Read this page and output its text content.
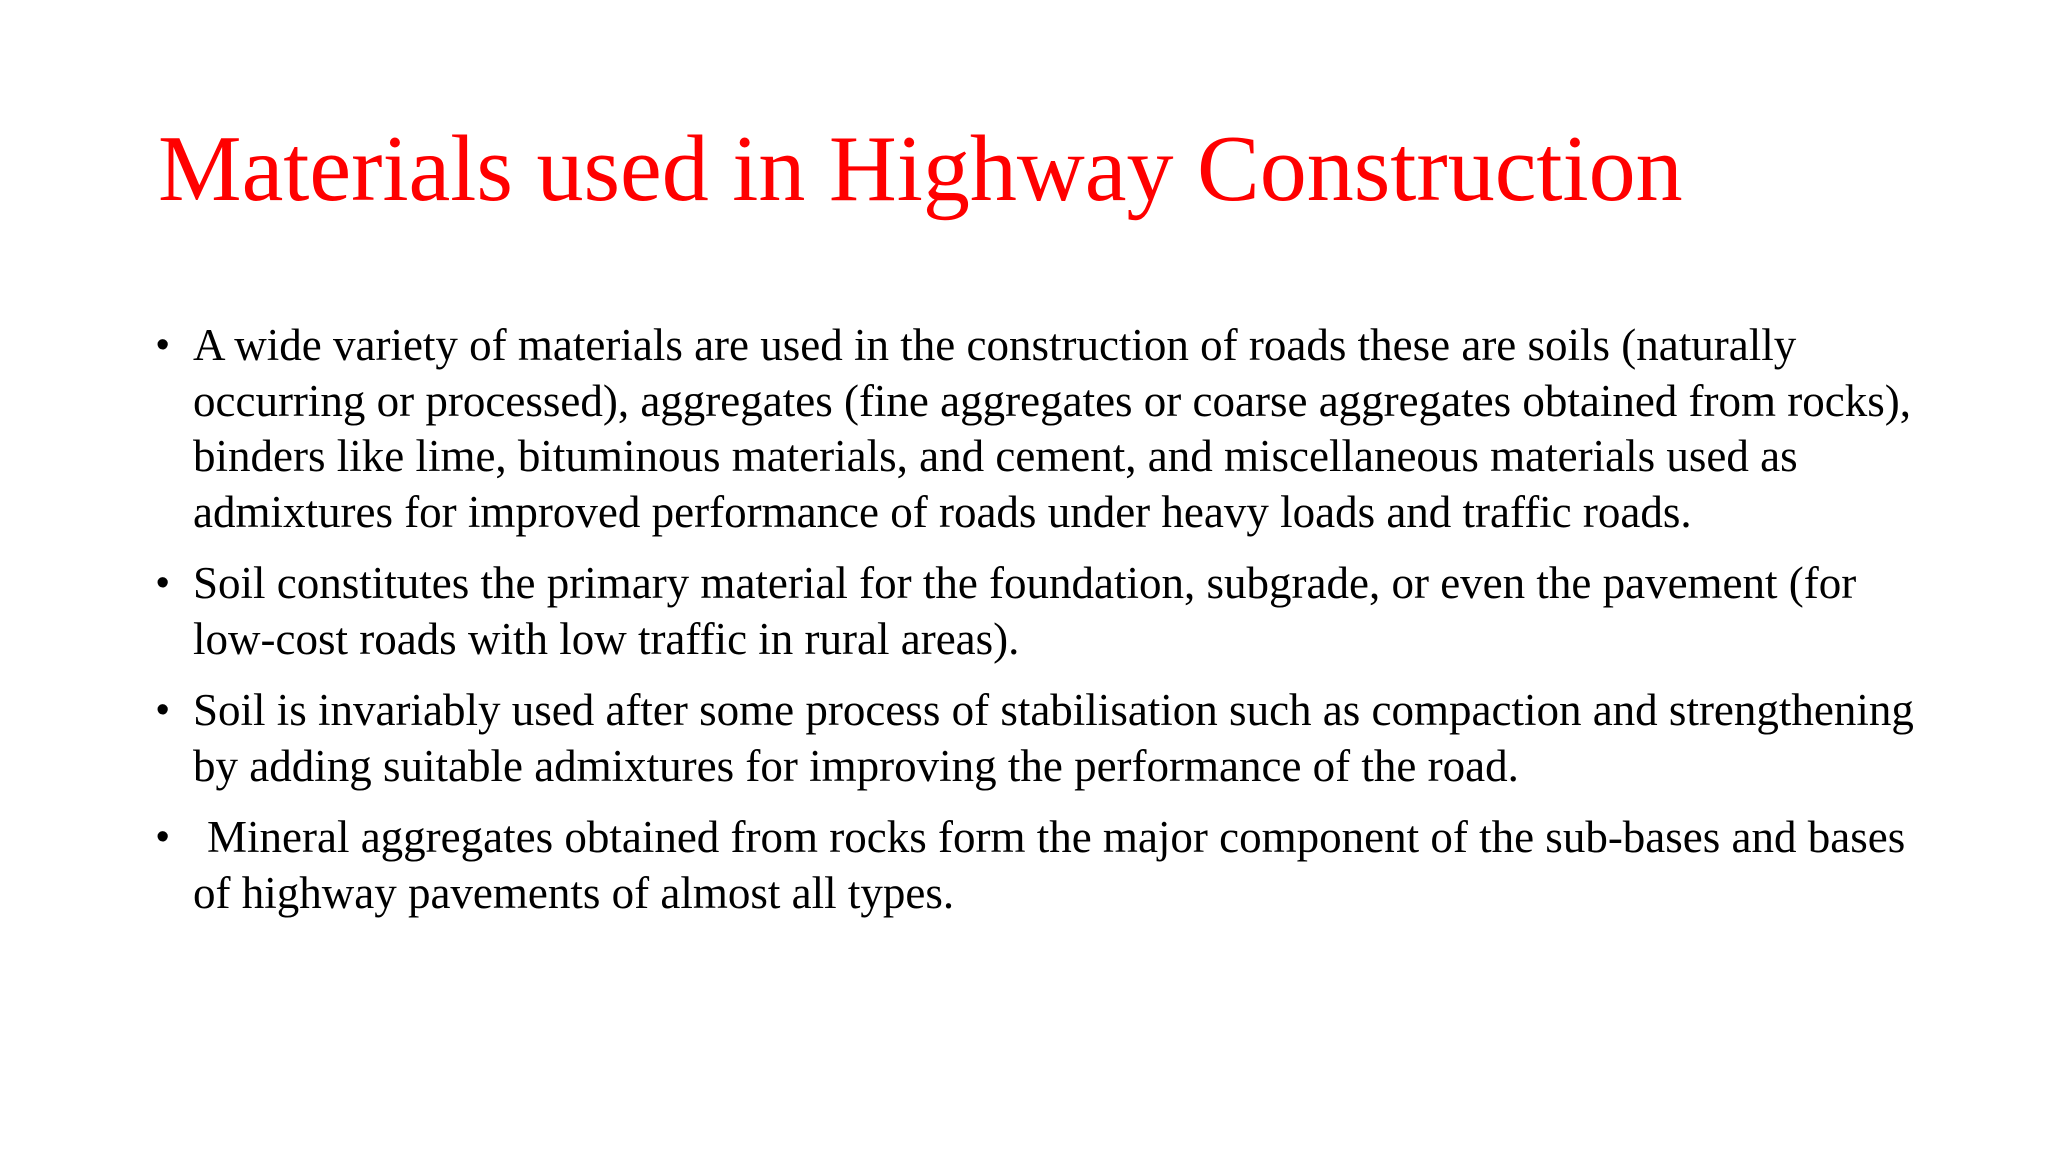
Materials used in Highway Construction
• A wide variety of materials are used in the construction of roads these are soils (naturally occurring or processed), aggregates (fine aggregates or coarse aggregates obtained from rocks), binders like lime, bituminous materials, and cement, and miscellaneous materials used as admixtures for improved performance of roads under heavy loads and traffic roads.
• Soil constitutes the primary material for the foundation, subgrade, or even the pavement (for low-cost roads with low traffic in rural areas).
• Soil is invariably used after some process of stabilisation such as compaction and strengthening by adding suitable admixtures for improving the performance of the road.
• Mineral aggregates obtained from rocks form the major component of the sub-bases and bases of highway pavements of almost all types.
